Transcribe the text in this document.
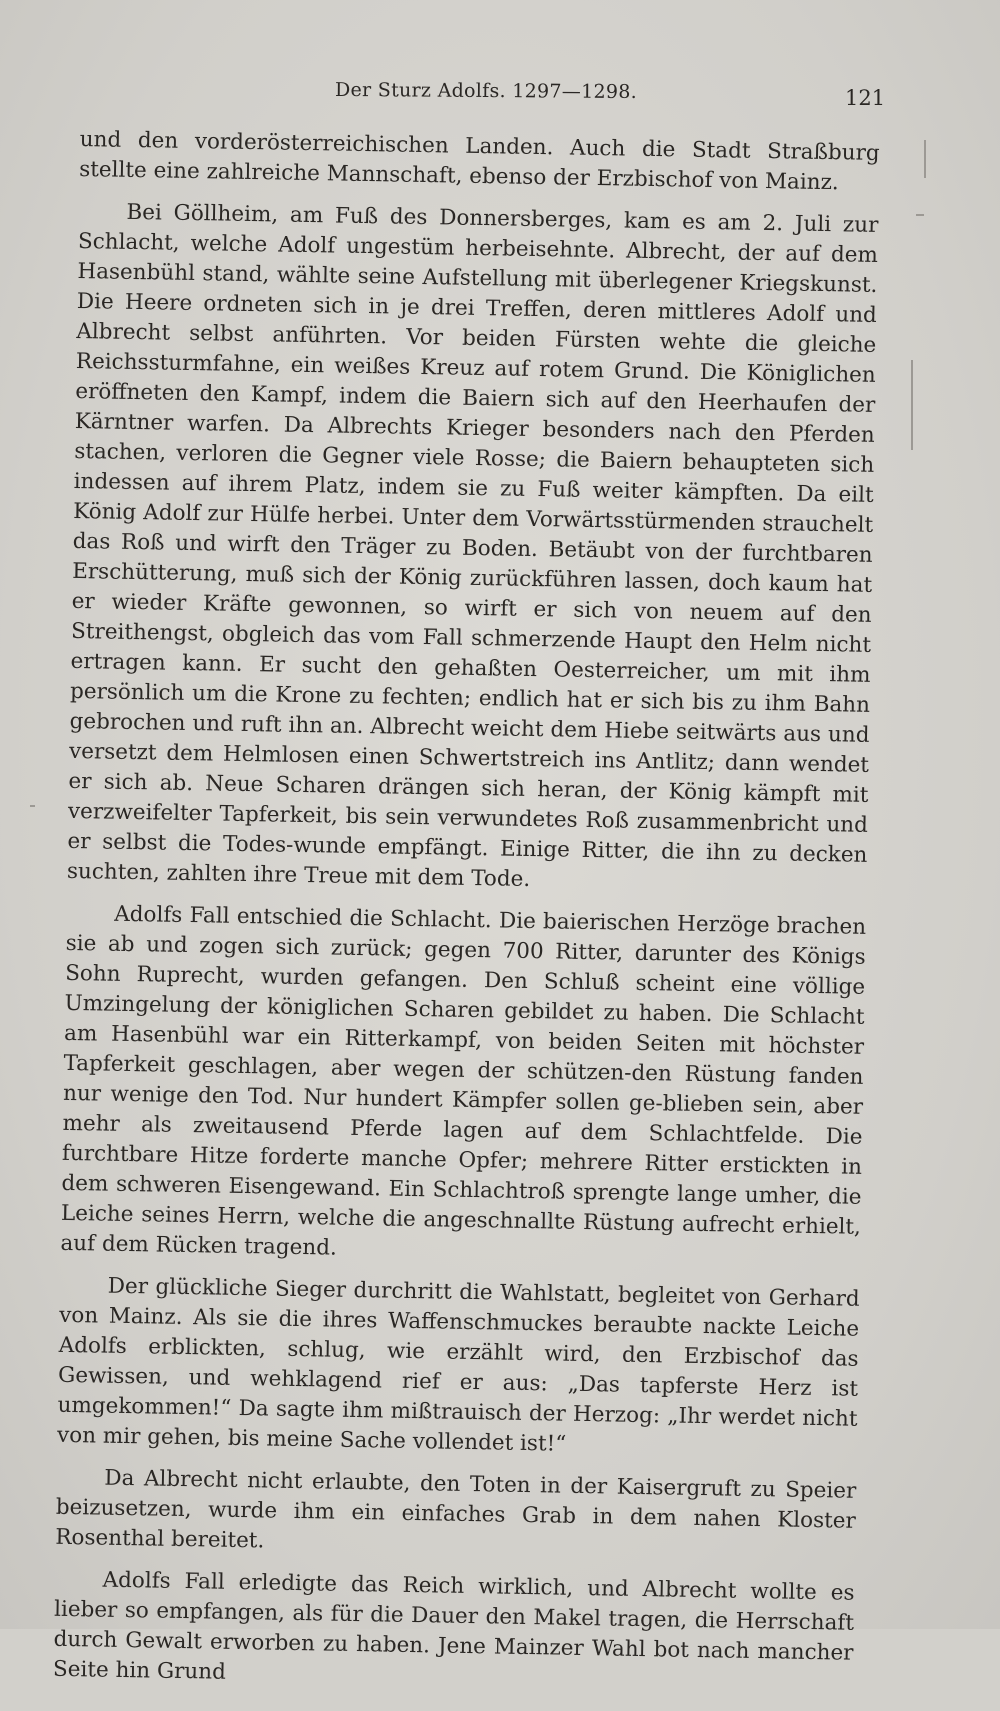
Der Sturz Adolfs. 1297—1298.	121

und den vorderösterreichischen Landen. Auch die Stadt Straßburg stellte eine zahlreiche Mannschaft, ebenso der Erzbischof von Mainz.

Bei Göllheim, am Fuß des Donnersberges, kam es am 2. Juli zur Schlacht, welche Adolf ungestüm herbeisehnte. Albrecht, der auf dem Hasenbühl stand, wählte seine Aufstellung mit überlegener Kriegskunst. Die Heere ordneten sich in je drei Treffen, deren mittleres Adolf und Albrecht selbst anführten. Vor beiden Fürsten wehte die gleiche Reichssturmfahne, ein weißes Kreuz auf rotem Grund. Die Königlichen eröffneten den Kampf, indem die Baiern sich auf den Heerhaufen der Kärntner warfen. Da Albrechts Krieger besonders nach den Pferden stachen, verloren die Gegner viele Rosse; die Baiern behaupteten sich indessen auf ihrem Platz, indem sie zu Fuß weiter kämpften. Da eilt König Adolf zur Hülfe herbei. Unter dem Vorwärtsstürmenden strauchelt das Roß und wirft den Träger zu Boden. Betäubt von der furchtbaren Erschütterung, muß sich der König zurückführen lassen, doch kaum hat er wieder Kräfte gewonnen, so wirft er sich von neuem auf den Streithengst, obgleich das vom Fall schmerzende Haupt den Helm nicht ertragen kann. Er sucht den gehaßten Oesterreicher, um mit ihm persönlich um die Krone zu fechten; endlich hat er sich bis zu ihm Bahn gebrochen und ruft ihn an. Albrecht weicht dem Hiebe seitwärts aus und versetzt dem Helmlosen einen Schwertstreich ins Antlitz; dann wendet er sich ab. Neue Scharen drängen sich heran, der König kämpft mit verzweifelter Tapferkeit, bis sein verwundetes Roß zusammenbricht und er selbst die Todes-wunde empfängt. Einige Ritter, die ihn zu decken suchten, zahlten ihre Treue mit dem Tode.

Adolfs Fall entschied die Schlacht. Die baierischen Herzöge brachen sie ab und zogen sich zurück; gegen 700 Ritter, darunter des Königs Sohn Ruprecht, wurden gefangen. Den Schluß scheint eine völlige Umzingelung der königlichen Scharen gebildet zu haben. Die Schlacht am Hasenbühl war ein Ritterkampf, von beiden Seiten mit höchster Tapferkeit geschlagen, aber wegen der schützen-den Rüstung fanden nur wenige den Tod. Nur hundert Kämpfer sollen ge-blieben sein, aber mehr als zweitausend Pferde lagen auf dem Schlachtfelde. Die furchtbare Hitze forderte manche Opfer; mehrere Ritter erstickten in dem schweren Eisengewand. Ein Schlachtroß sprengte lange umher, die Leiche seines Herrn, welche die angeschnallte Rüstung aufrecht erhielt, auf dem Rücken tragend.

Der glückliche Sieger durchritt die Wahlstatt, begleitet von Gerhard von Mainz. Als sie die ihres Waffenschmuckes beraubte nackte Leiche Adolfs erblickten, schlug, wie erzählt wird, den Erzbischof das Gewissen, und wehklagend rief er aus: „Das tapferste Herz ist umgekommen!“ Da sagte ihm mißtrauisch der Herzog: „Ihr werdet nicht von mir gehen, bis meine Sache vollendet ist!“

Da Albrecht nicht erlaubte, den Toten in der Kaisergruft zu Speier beizusetzen, wurde ihm ein einfaches Grab in dem nahen Kloster Rosenthal bereitet.

Adolfs Fall erledigte das Reich wirklich, und Albrecht wollte es lieber so empfangen, als für die Dauer den Makel tragen, die Herrschaft durch Gewalt erworben zu haben. Jene Mainzer Wahl bot nach mancher Seite hin Grund
